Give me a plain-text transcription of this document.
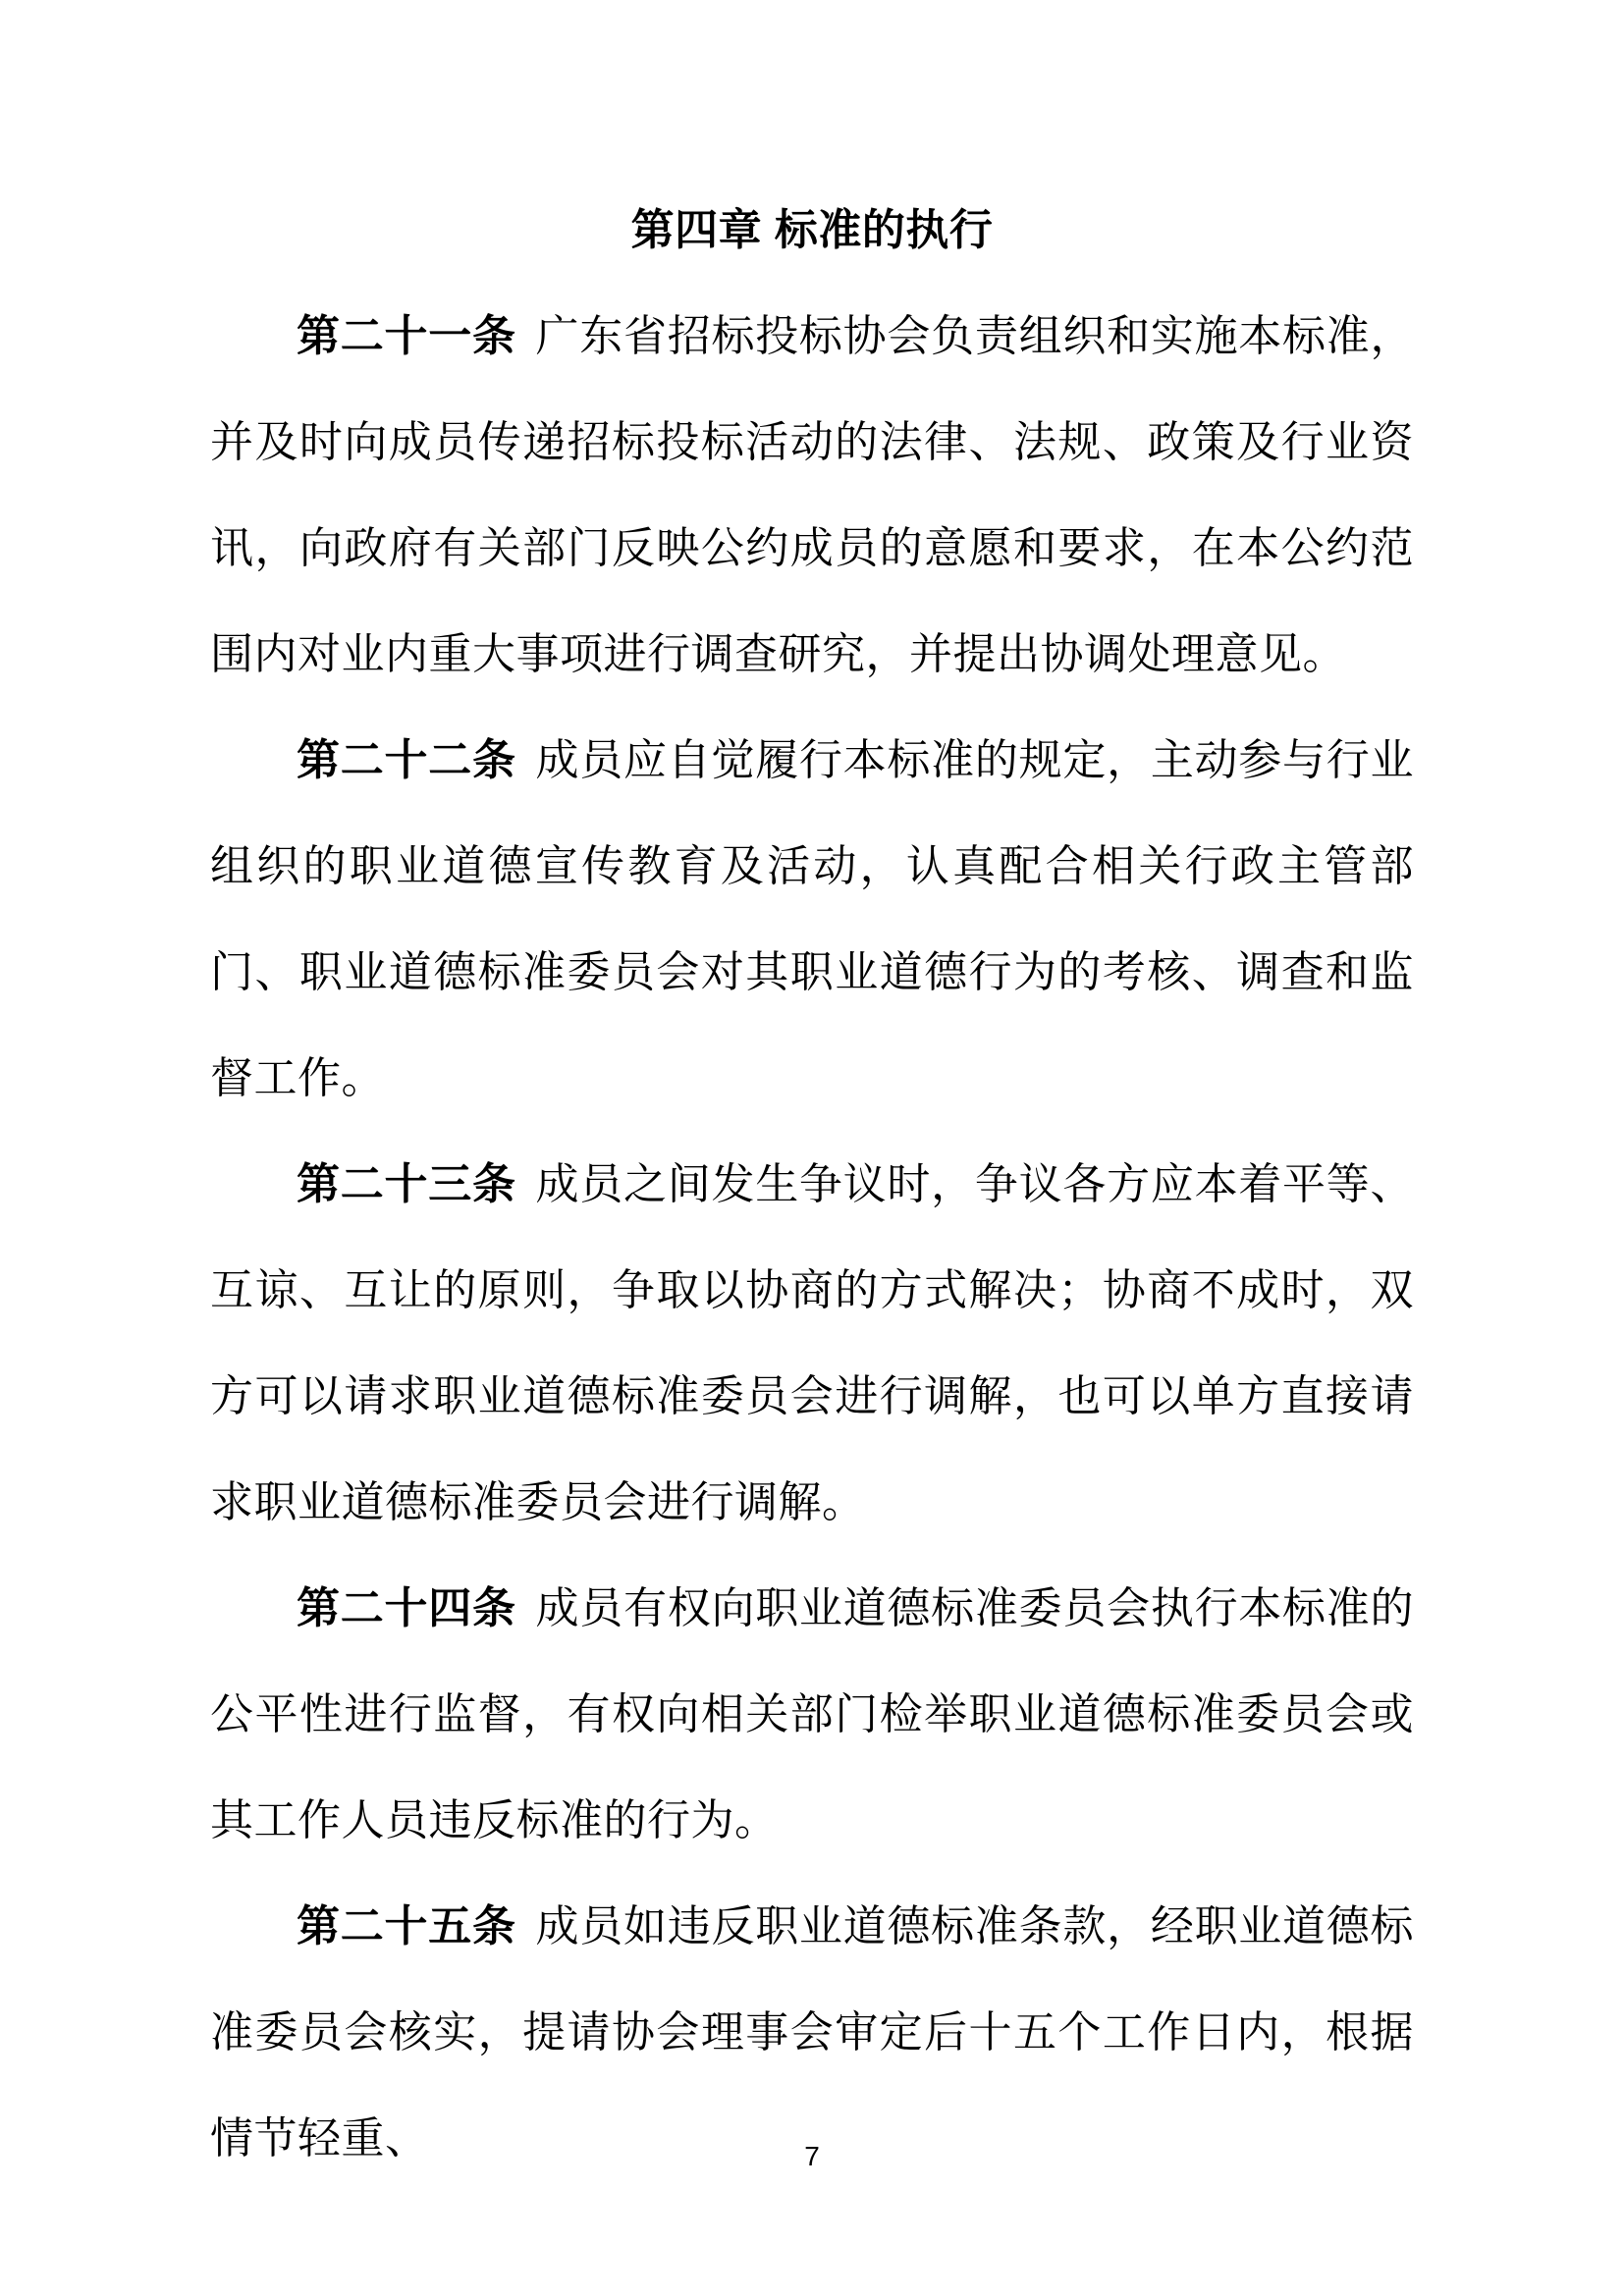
第四章 标准的执行

第二十一条 广东省招标投标协会负责组织和实施本标准，并及时向成员传递招标投标活动的法律、法规、政策及行业资讯，向政府有关部门反映公约成员的意愿和要求，在本公约范围内对业内重大事项进行调查研究，并提出协调处理意见。

第二十二条 成员应自觉履行本标准的规定，主动参与行业组织的职业道德宣传教育及活动，认真配合相关行政主管部门、职业道德标准委员会对其职业道德行为的考核、调查和监督工作。

第二十三条 成员之间发生争议时，争议各方应本着平等、互谅、互让的原则，争取以协商的方式解决；协商不成时，双方可以请求职业道德标准委员会进行调解，也可以单方直接请求职业道德标准委员会进行调解。

第二十四条 成员有权向职业道德标准委员会执行本标准的公平性进行监督，有权向相关部门检举职业道德标准委员会或其工作人员违反标准的行为。

第二十五条 成员如违反职业道德标准条款，经职业道德标准委员会核实，提请协会理事会审定后十五个工作日内，根据情节轻重、	7
